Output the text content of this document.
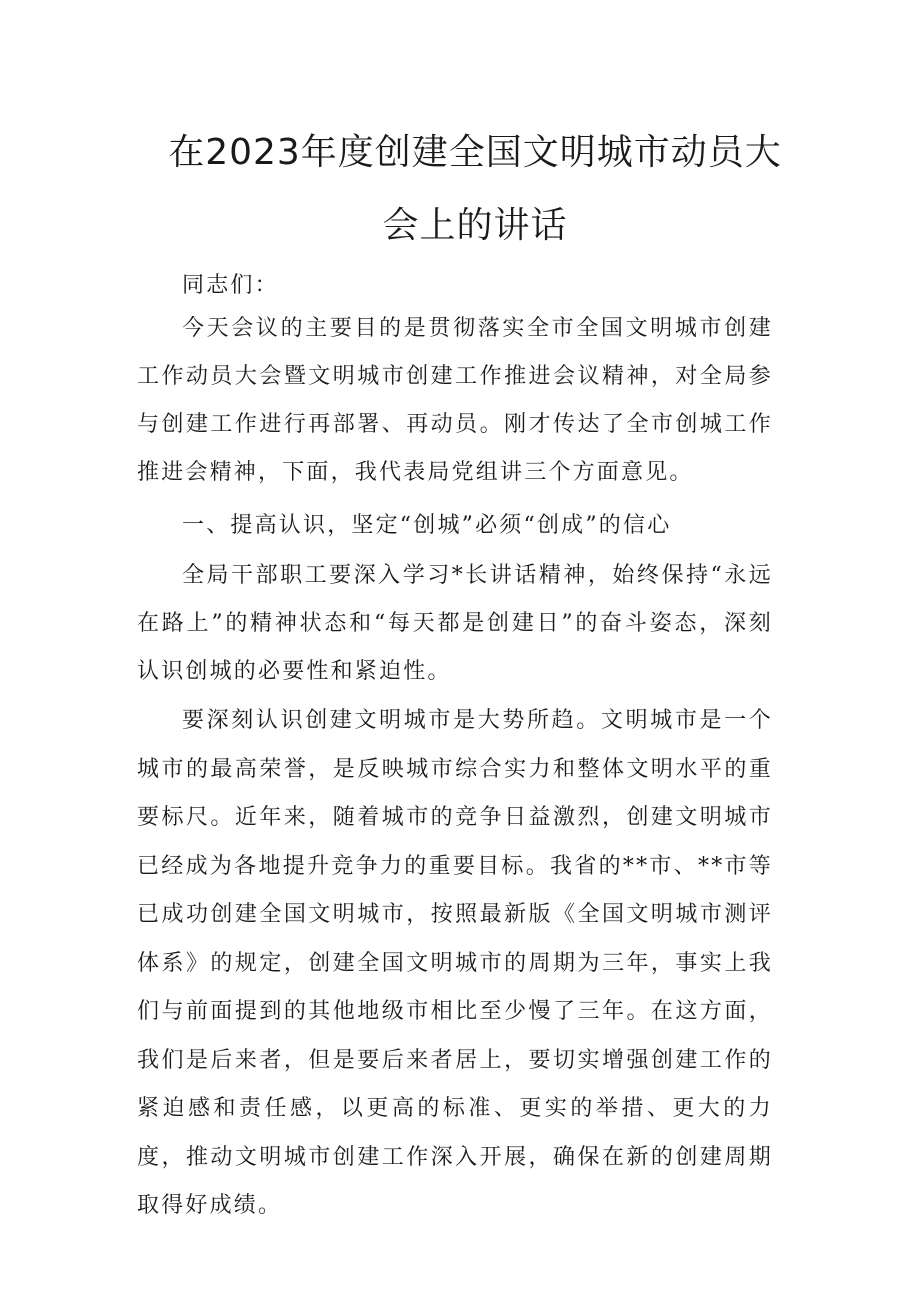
在2023年度创建全国文明城市动员大
会上的讲话

同志们：

今天会议的主要目的是贯彻落实全市全国文明城市创建工作动员大会暨文明城市创建工作推进会议精神，对全局参与创建工作进行再部署、再动员。刚才传达了全市创城工作推进会精神，下面，我代表局党组讲三个方面意见。

一、提高认识，坚定“创城”必须“创成”的信心

全局干部职工要深入学习*长讲话精神，始终保持“永远在路上”的精神状态和“每天都是创建日”的奋斗姿态，深刻认识创城的必要性和紧迫性。

要深刻认识创建文明城市是大势所趋。文明城市是一个城市的最高荣誉，是反映城市综合实力和整体文明水平的重要标尺。近年来，随着城市的竞争日益激烈，创建文明城市已经成为各地提升竞争力的重要目标。我省的**市、**市等已成功创建全国文明城市，按照最新版《全国文明城市测评体系》的规定，创建全国文明城市的周期为三年，事实上我们与前面提到的其他地级市相比至少慢了三年。在这方面，我们是后来者，但是要后来者居上，要切实增强创建工作的紧迫感和责任感，以更高的标准、更实的举措、更大的力度，推动文明城市创建工作深入开展，确保在新的创建周期取得好成绩。
